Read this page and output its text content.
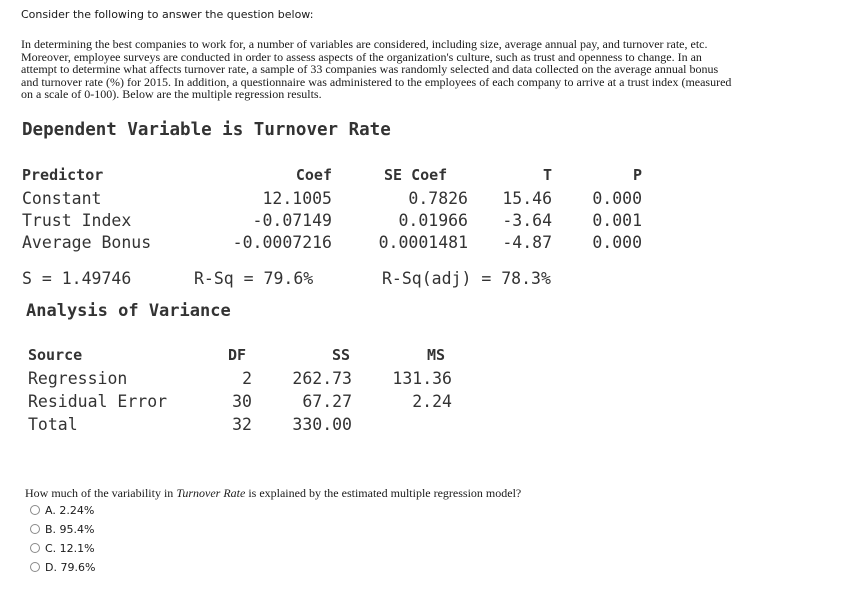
Consider the following to answer the question below:

In determining the best companies to work for, a number of variables are considered, including size, average annual pay, and turnover rate, etc.

Moreover, employee surveys are conducted in order to assess aspects of the organization's culture, such as trust and openness to change. In an

attempt to determine what affects turnover rate, a sample of 33 companies was randomly selected and data collected on the average annual bonus

and turnover rate (%) for 2015. In addition, a questionnaire was administered to the employees of each company to arrive at a trust index (measured

on a scale of 0-100). Below are the multiple regression results.

Dependent Variable is Turnover Rate

Predictor

	Coef

	SE Coef

	T

	P

Constant

	12.1005

	0.7826

	15.46

	0.000

Trust Index

	-0.07149

	0.01966

	-3.64

	0.001

Average Bonus

	-0.0007216

	0.0001481

	-4.87

	0.000

S = 1.49746

	R-Sq = 79.6%

	R-Sq(adj) = 78.3%

Analysis of Variance

Source

	DF

	SS

	MS

Regression

	2

	262.73

	131.36

Residual Error

	30

	67.27

	2.24

Total

	32

	330.00

How much of the variability in Turnover Rate is explained by the estimated multiple regression model?
A. 2.24%
B. 95.4%
C. 12.1%
D. 79.6%
